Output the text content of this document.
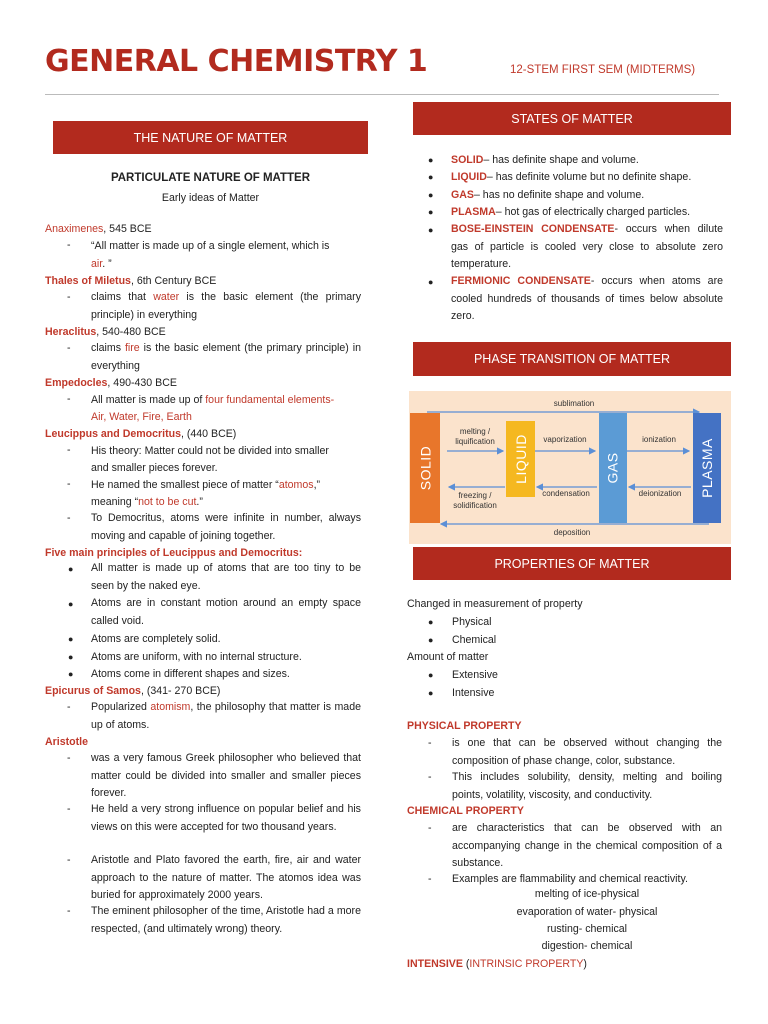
GENERAL CHEMISTRY 1	12-STEM FIRST SEM (MIDTERMS)
THE NATURE OF MATTER
PARTICULATE NATURE OF MATTER
Early ideas of Matter
Anaximenes, 545 BCE
- “All matter is made up of a single element, which is
air. ”
Thales of Miletus, 6th Century BCE
- claims that water is the basic element (the primary principle) in everything
Heraclitus, 540-480 BCE
- claims fire is the basic element (the primary principle) in everything
Empedocles, 490-430 BCE
- All matter is made up of four fundamental elements-
Air, Water, Fire, Earth
Leucippus and Democritus, (440 BCE)
- His theory: Matter could not be divided into smaller
and smaller pieces forever.
- He named the smallest piece of matter “atomos,”
meaning “not to be cut.”
- To Democritus, atoms were infinite in number, always moving and capable of joining together.
Five main principles of Leucippus and Democritus:
● All matter is made up of atoms that are too tiny to be seen by the naked eye.
● Atoms are in constant motion around an empty space called void.
● Atoms are completely solid.
● Atoms are uniform, with no internal structure.
● Atoms come in different shapes and sizes.
Epicurus of Samos, (341- 270 BCE)
- Popularized atomism, the philosophy that matter is made up of atoms.
Aristotle
- was a very famous Greek philosopher who believed that matter could be divided into smaller and smaller pieces forever.
- He held a very strong influence on popular belief and his views on this were accepted for two thousand years.
- Aristotle and Plato favored the earth, fire, air and water approach to the nature of matter. The atomos idea was buried for approximately 2000 years.
- The eminent philosopher of the time, Aristotle had a more respected, (and ultimately wrong) theory.
STATES OF MATTER
● SOLID– has definite shape and volume.
● LIQUID– has definite volume but no definite shape.
● GAS– has no definite shape and volume.
● PLASMA– hot gas of electrically charged particles.
● BOSE-EINSTEIN CONDENSATE- occurs when dilute gas of particle is cooled very close to absolute zero temperature.
● FERMIONIC CONDENSATE- occurs when atoms are cooled hundreds of thousands of times below absolute zero.
PHASE TRANSITION OF MATTER
SOLID	LIQUID	GAS	PLASMA
sublimation
melting /
liquification	vaporization	ionization
freezing /
solidification
condensation	deionization
deposition
PROPERTIES OF MATTER
Changed in measurement of property
● Physical
● Chemical
Amount of matter
● Extensive
● Intensive
PHYSICAL PROPERTY
- is one that can be observed without changing the composition of phase change, color, substance.
- This includes solubility, density, melting and boiling points, volatility, viscosity, and conductivity.
CHEMICAL PROPERTY
- are characteristics that can be observed with an accompanying change in the chemical composition of a substance.
- Examples are flammability and chemical reactivity.
melting of ice-physical
evaporation of water- physical
rusting- chemical
digestion- chemical
INTENSIVE (INTRINSIC PROPERTY)
